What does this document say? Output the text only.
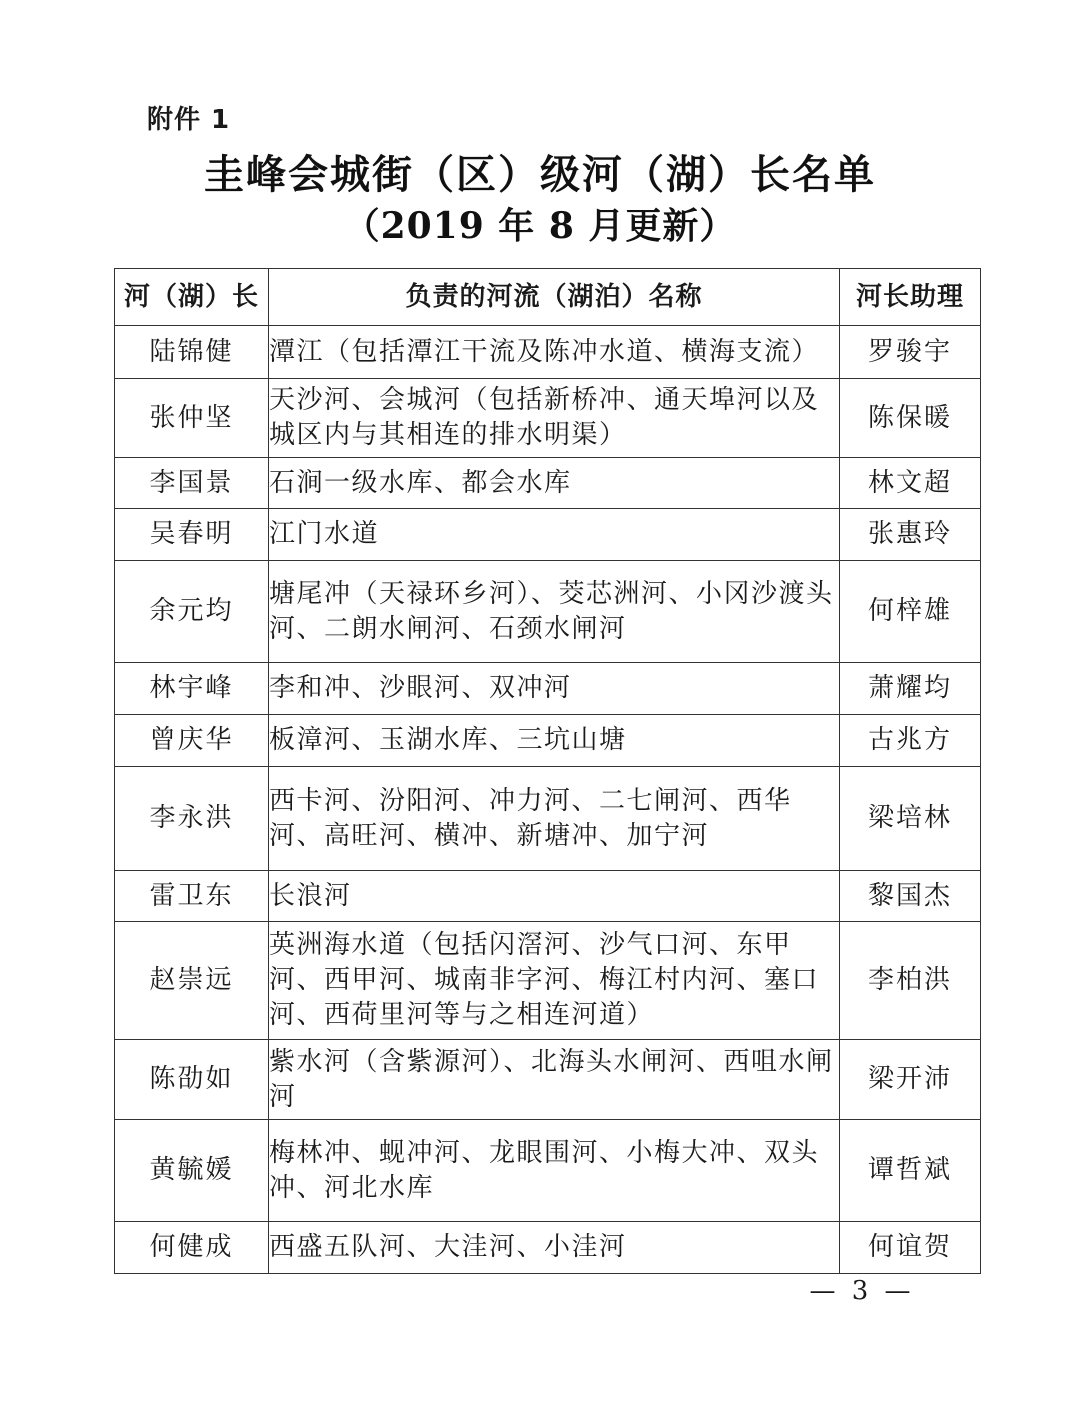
附件 1
圭峰会城街（区）级河（湖）长名单
（2019 年 8 月更新）
河（湖）长	负责的河流（湖泊）名称	河长助理
陆锦健	潭江（包括潭江干流及陈冲水道、横海支流）	罗骏宇
张仲坚	天沙河、会城河（包括新桥冲、通天埠河以及城区内与其相连的排水明渠）	陈保暖
李国景	石涧一级水库、都会水库	林文超
吴春明	江门水道	张惠玲
余元均	塘尾冲（天禄环乡河）、茭芯洲河、小冈沙渡头河、二朗水闸河、石颈水闸河	何梓雄
林宇峰	李和冲、沙眼河、双冲河	萧耀均
曾庆华	板漳河、玉湖水库、三坑山塘	古兆方
李永洪	西卡河、汾阳河、冲力河、二七闸河、西华河、高旺河、横冲、新塘冲、加宁河	梁培林
雷卫东	长浪河	黎国杰
赵崇远	英洲海水道（包括闪滘河、沙气口河、东甲河、西甲河、城南非字河、梅江村内河、塞口河、西荷里河等与之相连河道）	李柏洪
陈劭如	紫水河（含紫源河）、北海头水闸河、西咀水闸河	梁开沛
黄毓媛	梅林冲、蚬冲河、龙眼围河、小梅大冲、双头冲、河北水库	谭哲斌
何健成	西盛五队河、大洼河、小洼河	何谊贺
— 3 —
